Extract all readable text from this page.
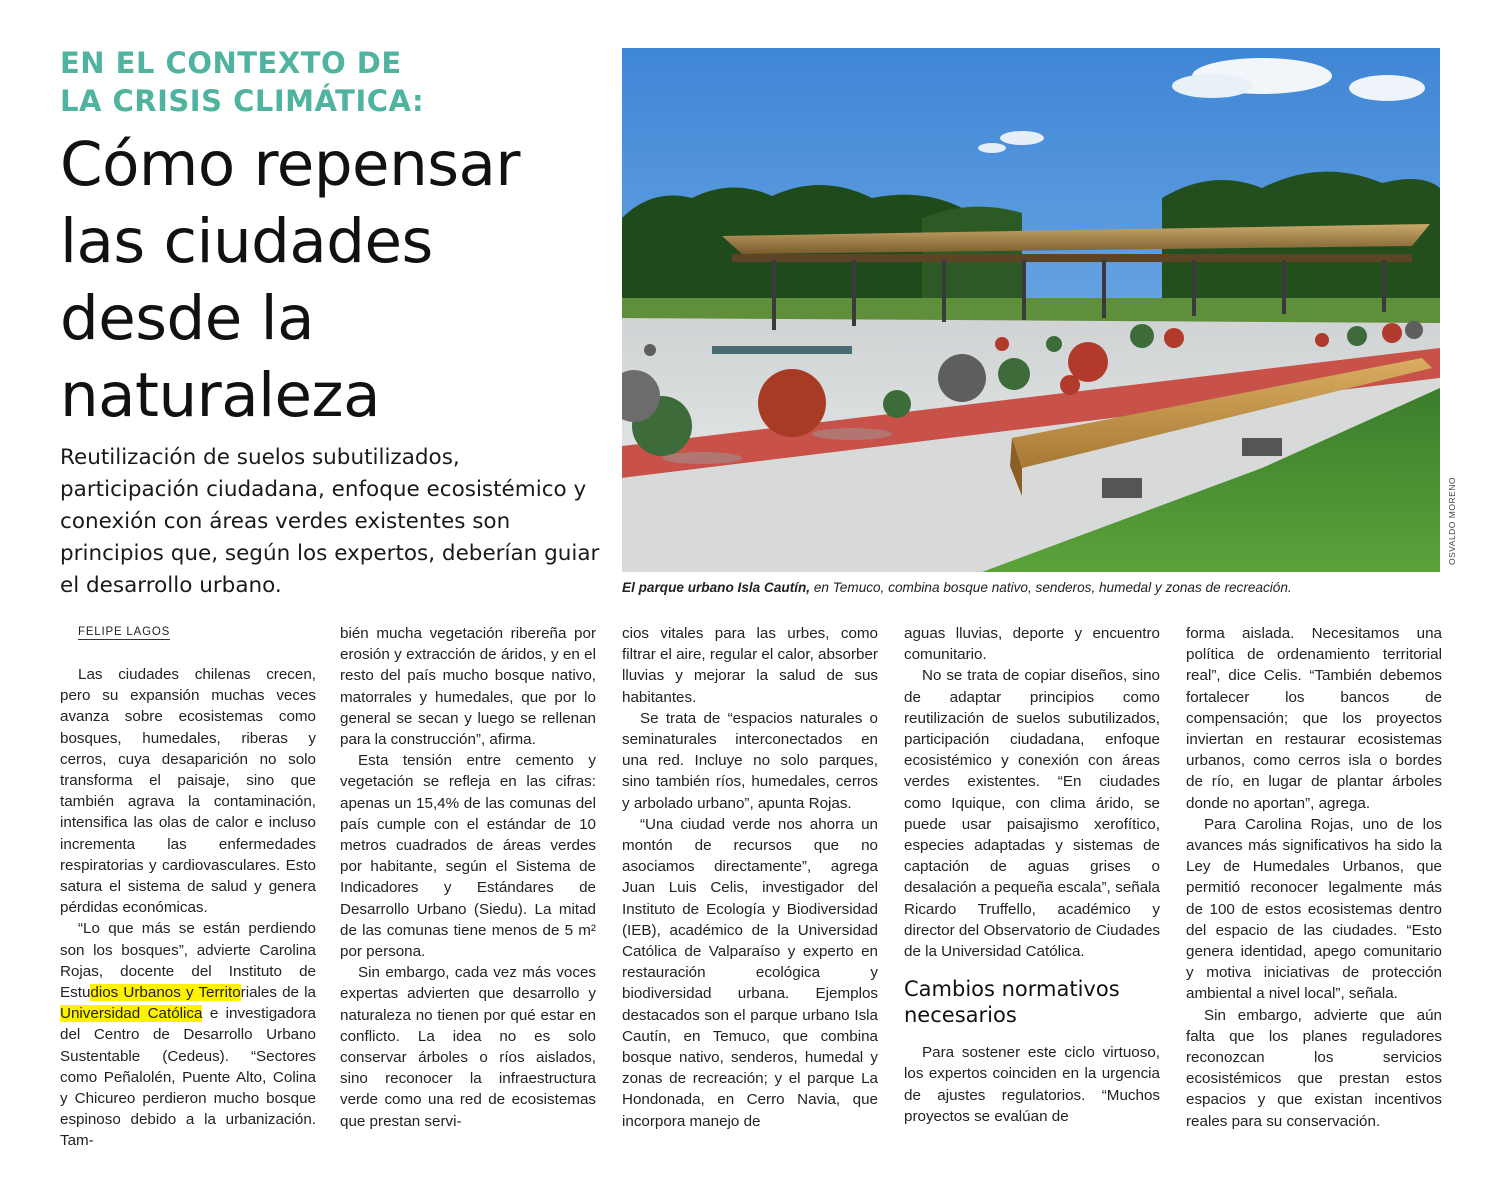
EN EL CONTEXTO DE
LA CRISIS CLIMÁTICA:
Cómo repensar
las ciudades
desde la
naturaleza
Reutilización de suelos subutilizados, participación ciudadana, enfoque ecosistémico y conexión con áreas verdes existentes son principios que, según los expertos, deberían guiar el desarrollo urbano.
OSVALDO MORENO
El parque urbano Isla Cautín, en Temuco, combina bosque nativo, senderos, humedal y zonas de recreación.
FELIPE LAGOS

Las ciudades chilenas crecen, pero su expansión muchas veces avanza sobre ecosistemas como bosques, humedales, riberas y cerros, cuya desaparición no solo transforma el paisaje, sino que también agrava la contaminación, intensifica las olas de calor e incluso incrementa las enfermedades respiratorias y cardiovasculares. Esto satura el sistema de salud y genera pérdidas económicas.

“Lo que más se están perdiendo son los bosques”, advierte Carolina Rojas, docente del Instituto de Estudios Urbanos y Territoriales de la Universidad Católica e investigadora del Centro de Desarrollo Urbano Sustentable (Cedeus). “Sectores como Peñalolén, Puente Alto, Colina y Chicureo perdieron mucho bosque espinoso debido a la urbanización. Tam-

bién mucha vegetación ribereña por erosión y extracción de áridos, y en el resto del país mucho bosque nativo, matorrales y humedales, que por lo general se secan y luego se rellenan para la construcción”, afirma.

Esta tensión entre cemento y vegetación se refleja en las cifras: apenas un 15,4% de las comunas del país cumple con el estándar de 10 metros cuadrados de áreas verdes por habitante, según el Sistema de Indicadores y Estándares de Desarrollo Urbano (Siedu). La mitad de las comunas tiene menos de 5 m² por persona.

Sin embargo, cada vez más voces expertas advierten que desarrollo y naturaleza no tienen por qué estar en conflicto. La idea no es solo conservar árboles o ríos aislados, sino reconocer la infraestructura verde como una red de ecosistemas que prestan servi-

cios vitales para las urbes, como filtrar el aire, regular el calor, absorber lluvias y mejorar la salud de sus habitantes.

Se trata de “espacios naturales o seminaturales interconectados en una red. Incluye no solo parques, sino también ríos, humedales, cerros y arbolado urbano”, apunta Rojas.

“Una ciudad verde nos ahorra un montón de recursos que no asociamos directamente”, agrega Juan Luis Celis, investigador del Instituto de Ecología y Biodiversidad (IEB), académico de la Universidad Católica de Valparaíso y experto en restauración ecológica y biodiversidad urbana. Ejemplos destacados son el parque urbano Isla Cautín, en Temuco, que combina bosque nativo, senderos, humedal y zonas de recreación; y el parque La Hondonada, en Cerro Navia, que incorpora manejo de

aguas lluvias, deporte y encuentro comunitario.

No se trata de copiar diseños, sino de adaptar principios como reutilización de suelos subutilizados, participación ciudadana, enfoque ecosistémico y conexión con áreas verdes existentes. “En ciudades como Iquique, con clima árido, se puede usar paisajismo xerofítico, especies adaptadas y sistemas de captación de aguas grises o desalación a pequeña escala”, señala Ricardo Truffello, académico y director del Observatorio de Ciudades de la Universidad Católica.

Cambios normativos necesarios

Para sostener este ciclo virtuoso, los expertos coinciden en la urgencia de ajustes regulatorios. “Muchos proyectos se evalúan de

forma aislada. Necesitamos una política de ordenamiento territorial real”, dice Celis. “También debemos fortalecer los bancos de compensación; que los proyectos inviertan en restaurar ecosistemas urbanos, como cerros isla o bordes de río, en lugar de plantar árboles donde no aportan”, agrega.

Para Carolina Rojas, uno de los avances más significativos ha sido la Ley de Humedales Urbanos, que permitió reconocer legalmente más de 100 de estos ecosistemas dentro del espacio de las ciudades. “Esto genera identidad, apego comunitario y motiva iniciativas de protección ambiental a nivel local”, señala.

Sin embargo, advierte que aún falta que los planes reguladores reconozcan los servicios ecosistémicos que prestan estos espacios y que existan incentivos reales para su conservación.
